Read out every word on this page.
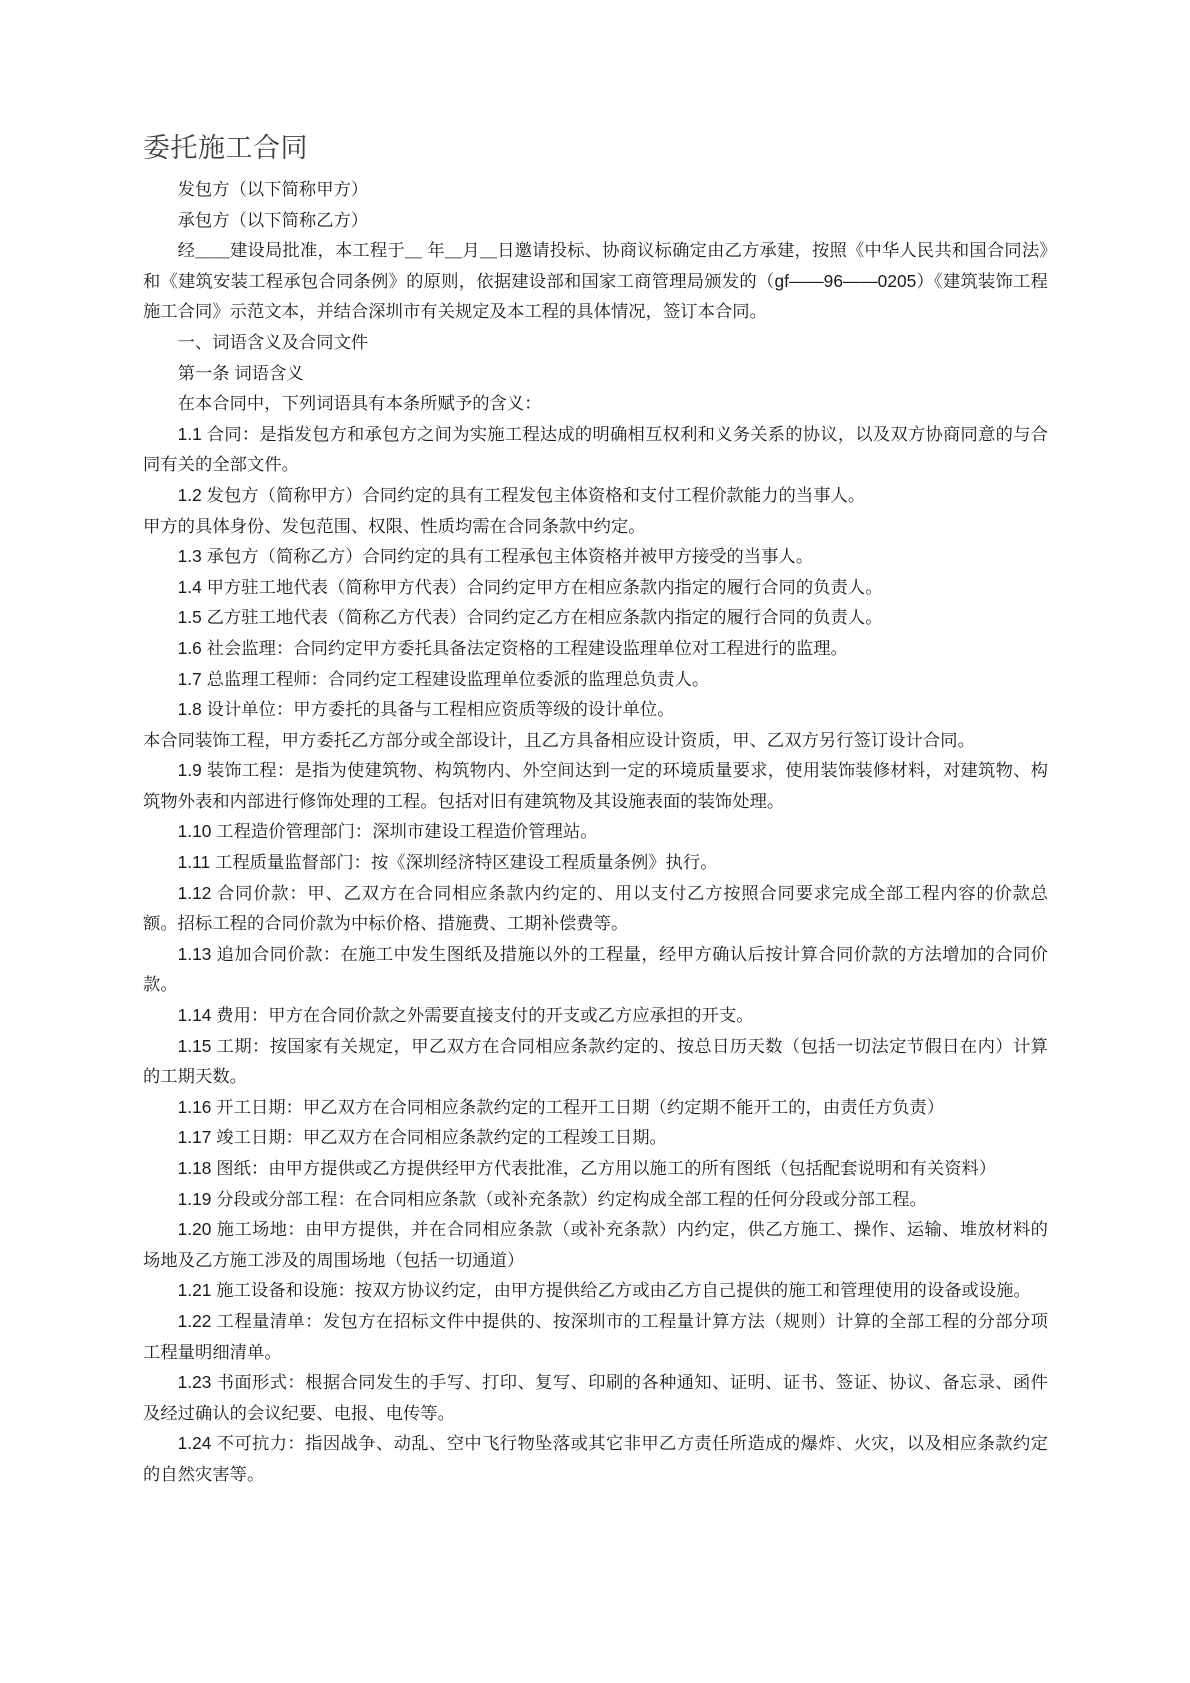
委托施工合同

发包方（以下简称甲方）

承包方（以下简称乙方）

经＿＿建设局批准，本工程于＿ 年＿月＿日邀请投标、协商议标确定由乙方承建，按照《中华人民共和国合同法》和《建筑安装工程承包合同条例》的原则，依据建设部和国家工商管理局颁发的（gf——96——0205）《建筑装饰工程施工合同》示范文本，并结合深圳市有关规定及本工程的具体情况，签订本合同。

一、词语含义及合同文件

第一条 词语含义

在本合同中，下列词语具有本条所赋予的含义：

1.1 合同：是指发包方和承包方之间为实施工程达成的明确相互权利和义务关系的协议，以及双方协商同意的与合同有关的全部文件。

1.2 发包方（简称甲方）合同约定的具有工程发包主体资格和支付工程价款能力的当事人。

甲方的具体身份、发包范围、权限、性质均需在合同条款中约定。

1.3 承包方（简称乙方）合同约定的具有工程承包主体资格并被甲方接受的当事人。

1.4 甲方驻工地代表（简称甲方代表）合同约定甲方在相应条款内指定的履行合同的负责人。

1.5 乙方驻工地代表（简称乙方代表）合同约定乙方在相应条款内指定的履行合同的负责人。

1.6 社会监理：合同约定甲方委托具备法定资格的工程建设监理单位对工程进行的监理。

1.7 总监理工程师：合同约定工程建设监理单位委派的监理总负责人。

1.8 设计单位：甲方委托的具备与工程相应资质等级的设计单位。

本合同装饰工程，甲方委托乙方部分或全部设计，且乙方具备相应设计资质，甲、乙双方另行签订设计合同。

1.9 装饰工程：是指为使建筑物、构筑物内、外空间达到一定的环境质量要求，使用装饰装修材料，对建筑物、构筑物外表和内部进行修饰处理的工程。包括对旧有建筑物及其设施表面的装饰处理。

1.10 工程造价管理部门：深圳市建设工程造价管理站。

1.11 工程质量监督部门：按《深圳经济特区建设工程质量条例》执行。

1.12 合同价款：甲、乙双方在合同相应条款内约定的、用以支付乙方按照合同要求完成全部工程内容的价款总额。招标工程的合同价款为中标价格、措施费、工期补偿费等。

1.13 追加合同价款：在施工中发生图纸及措施以外的工程量，经甲方确认后按计算合同价款的方法增加的合同价款。

1.14 费用：甲方在合同价款之外需要直接支付的开支或乙方应承担的开支。

1.15 工期：按国家有关规定，甲乙双方在合同相应条款约定的、按总日历天数（包括一切法定节假日在内）计算的工期天数。

1.16 开工日期：甲乙双方在合同相应条款约定的工程开工日期（约定期不能开工的，由责任方负责）

1.17 竣工日期：甲乙双方在合同相应条款约定的工程竣工日期。

1.18 图纸：由甲方提供或乙方提供经甲方代表批准，乙方用以施工的所有图纸（包括配套说明和有关资料）

1.19 分段或分部工程：在合同相应条款（或补充条款）约定构成全部工程的任何分段或分部工程。

1.20 施工场地：由甲方提供，并在合同相应条款（或补充条款）内约定，供乙方施工、操作、运输、堆放材料的场地及乙方施工涉及的周围场地（包括一切通道）

1.21 施工设备和设施：按双方协议约定，由甲方提供给乙方或由乙方自己提供的施工和管理使用的设备或设施。

1.22 工程量清单：发包方在招标文件中提供的、按深圳市的工程量计算方法（规则）计算的全部工程的分部分项工程量明细清单。

1.23 书面形式：根据合同发生的手写、打印、复写、印刷的各种通知、证明、证书、签证、协议、备忘录、函件及经过确认的会议纪要、电报、电传等。

1.24 不可抗力：指因战争、动乱、空中飞行物坠落或其它非甲乙方责任所造成的爆炸、火灾，以及相应条款约定的自然灾害等。
